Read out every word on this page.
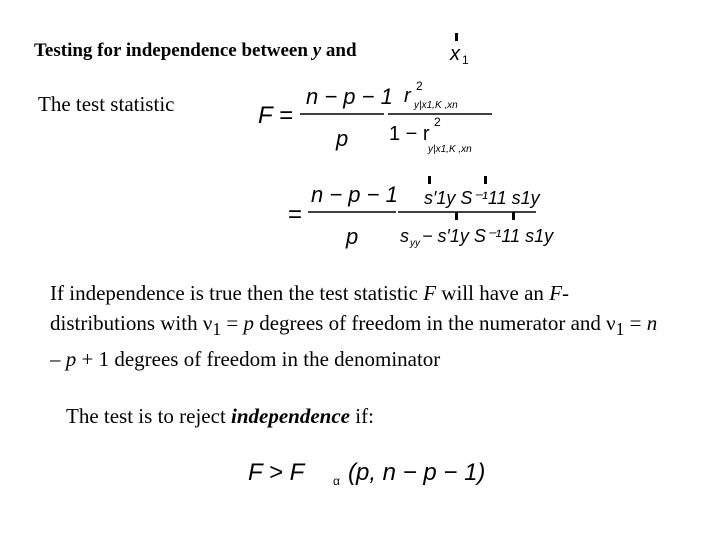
Testing for independence between y and	x 1
F =
n − p − 1
p
r 2
y|x1,K ,xn
1 − r
2
y|x1,K ,xn
=
n − p − 1
p
s′1y S⁻¹11 s1y
s yy − s′1y S⁻¹11 s1y
F > F α (p, n − p − 1)
The test statistic
If independence is true then the test statistic F will have an F-distributions with $\nu_1 = p$ degrees of freedom in the numerator and $\nu_1 = n - p + 1$ degrees of freedom in the denominator
The test is to reject independence if:
